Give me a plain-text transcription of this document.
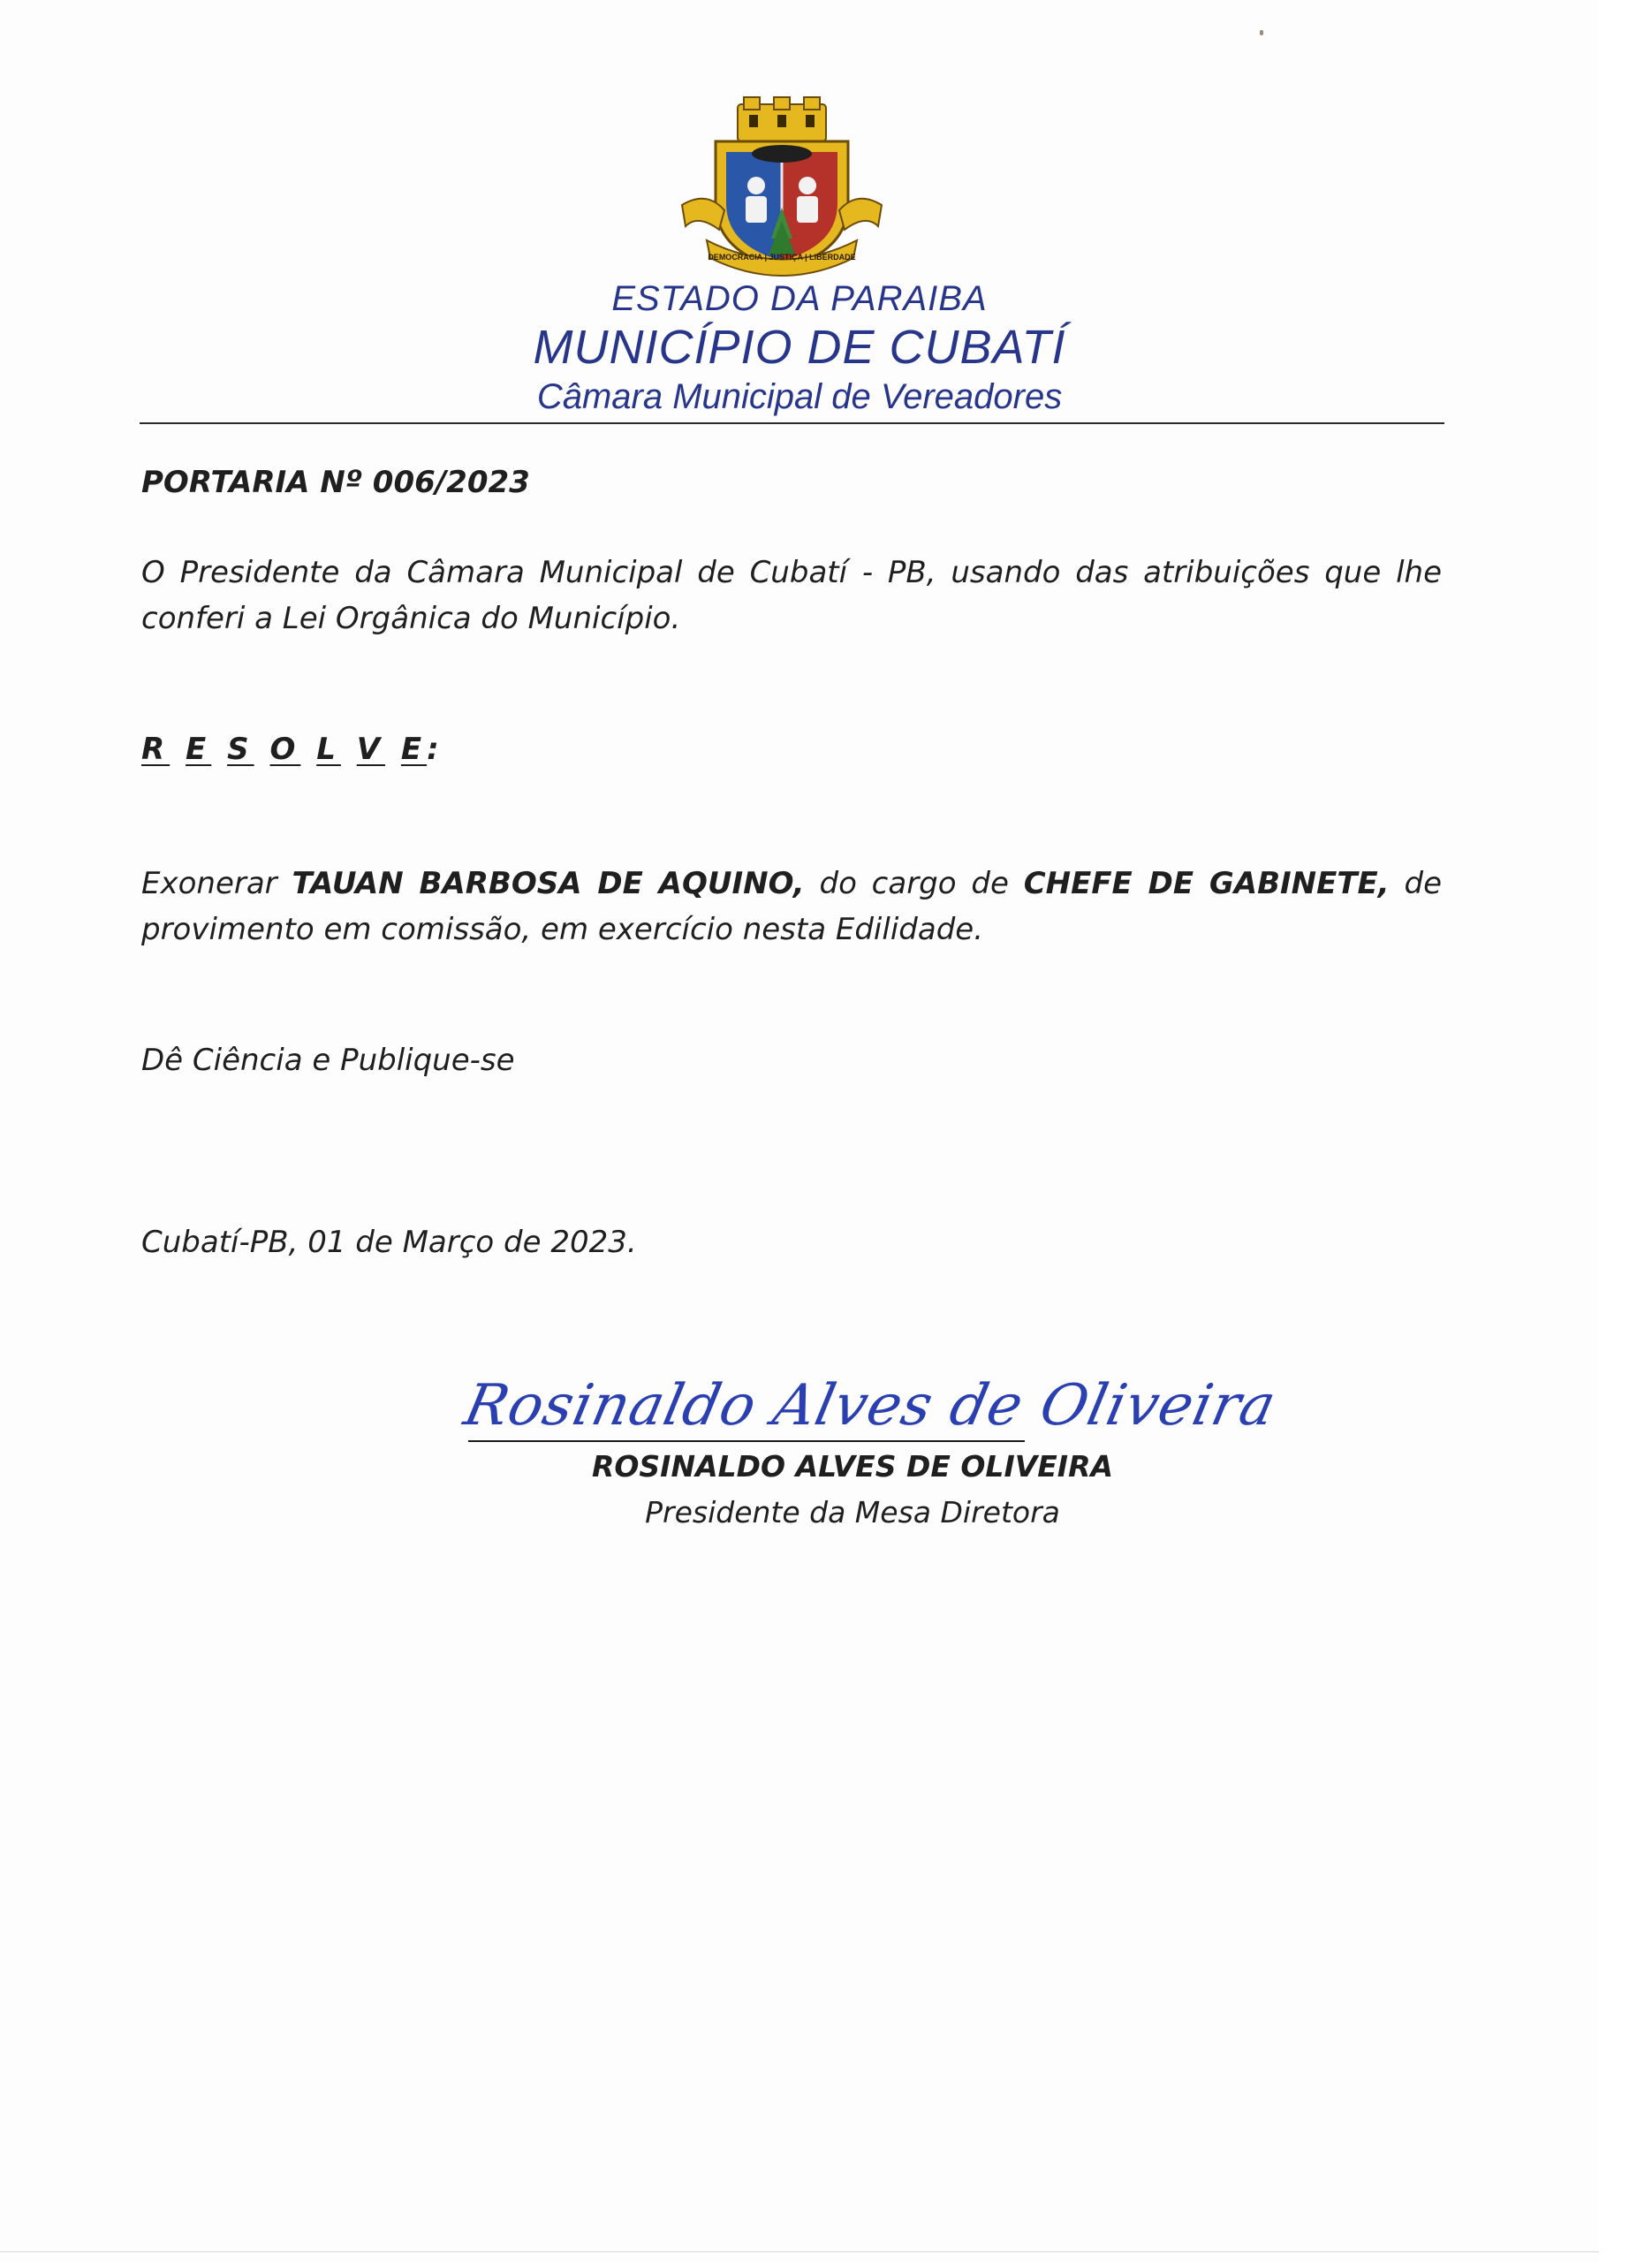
DEMOCRACIA | JUSTIÇA | LIBERDADE
ESTADO DA PARAIBA
MUNICÍPIO DE CUBATÍ
Câmara Municipal de Vereadores
PORTARIA Nº 006/2023
O Presidente da Câmara Municipal de Cubatí - PB, usando das atribuições que lhe conferi a Lei Orgânica do Município.
R E S O L V E:
Exonerar TAUAN BARBOSA DE AQUINO, do cargo de CHEFE DE GABINETE, de provimento em comissão, em exercício nesta Edilidade.
Dê Ciência e Publique-se
Cubatí-PB, 01 de Março de 2023.
Rosinaldo Alves de Oliveira
ROSINALDO ALVES DE OLIVEIRA
Presidente da Mesa Diretora
